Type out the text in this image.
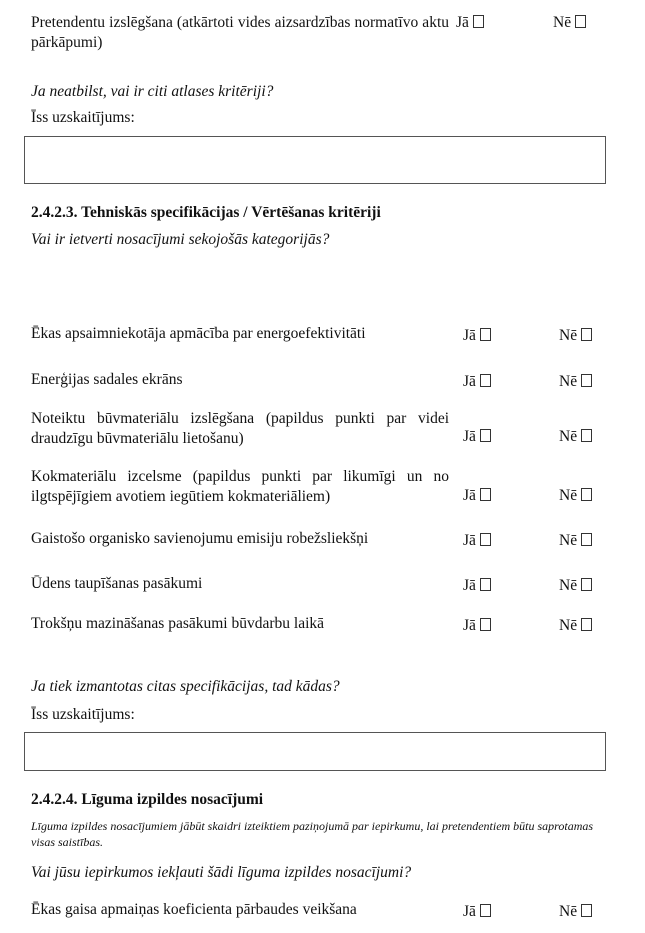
Pretendentu izslēgšana (atkārtoti vides aizsardzības normatīvo aktu pārkāpumi)
Jā	Nē
Ja neatbilst, vai ir citi atlases kritēriji?
Īss uzskaitījums:
2.4.2.3. Tehniskās specifikācijas / Vērtēšanas kritēriji
Vai ir ietverti nosacījumi sekojošās kategorijās?
Ēkas apsaimniekotāja apmācība par energoefektivitāti	Jā	Nē
Enerģijas sadales ekrāns	Jā	Nē
Noteiktu būvmateriālu izslēgšana (papildus punkti par videi draudzīgu būvmateriālu lietošanu)	Jā	Nē
Kokmateriālu izcelsme (papildus punkti par likumīgi un no ilgtspējīgiem avotiem iegūtiem kokmateriāliem)	Jā	Nē
Gaistošo organisko savienojumu emisiju robežsliekšņi	Jā	Nē
Ūdens taupīšanas pasākumi	Jā	Nē
Trokšņu mazināšanas pasākumi būvdarbu laikā	Jā	Nē
Ja tiek izmantotas citas specifikācijas, tad kādas?
Īss uzskaitījums:
2.4.2.4. Līguma izpildes nosacījumi
Līguma izpildes nosacījumiem jābūt skaidri izteiktiem paziņojumā par iepirkumu, lai pretendentiem būtu saprotamas visas saistības.
Vai jūsu iepirkumos iekļauti šādi līguma izpildes nosacījumi?
Ēkas gaisa apmaiņas koeficienta pārbaudes veikšana	Jā	Nē
